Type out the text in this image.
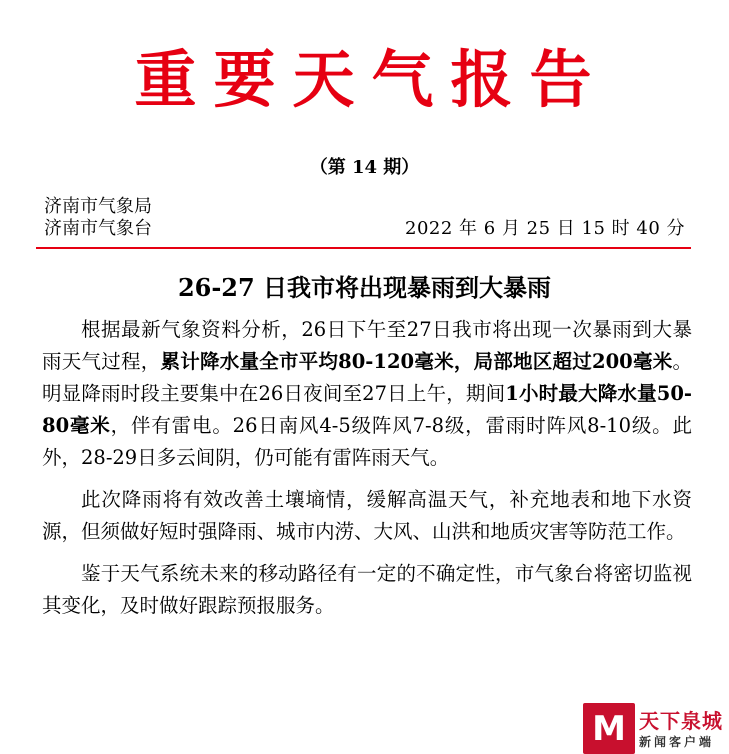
重要天气报告
（第 14 期）
济南市气象局
济南市气象台	2022 年 6 月 25 日 15 时 40 分
26-27 日我市将出现暴雨到大暴雨

根据最新气象资料分析，26日下午至27日我市将出现一次暴雨到大暴雨天气过程，累计降水量全市平均80-120毫米，局部地区超过200毫米。明显降雨时段主要集中在26日夜间至27日上午，期间1小时最大降水量50-80毫米，伴有雷电。26日南风4-5级阵风7-8级，雷雨时阵风8-10级。此外，28-29日多云间阴，仍可能有雷阵雨天气。

此次降雨将有效改善土壤墒情，缓解高温天气，补充地表和地下水资源，但须做好短时强降雨、城市内涝、大风、山洪和地质灾害等防范工作。

鉴于天气系统未来的移动路径有一定的不确定性，市气象台将密切监视其变化，及时做好跟踪预报服务。

M 天下泉城
新闻客户端
